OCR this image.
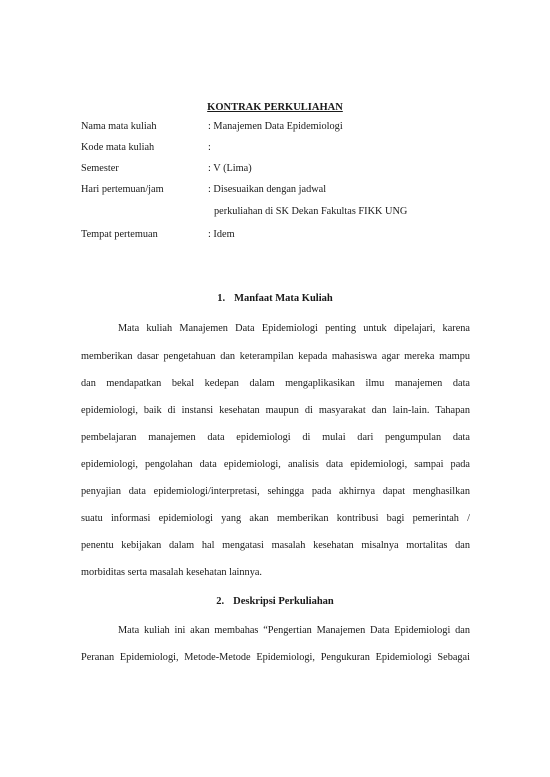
KONTRAK PERKULIAHAN
Nama mata kuliah	: Manajemen Data Epidemiologi
Kode mata kuliah	:
Semester	: V (Lima)
Hari pertemuan/jam	: Disesuaikan dengan jadwal
perkuliahan di SK Dekan Fakultas FIKK UNG
Tempat pertemuan	: Idem
1. Manfaat Mata Kuliah
Mata kuliah Manajemen Data Epidemiologi penting untuk dipelajari, karena
memberikan dasar pengetahuan dan keterampilan kepada mahasiswa agar mereka mampu
dan mendapatkan bekal kedepan dalam mengaplikasikan ilmu manajemen data
epidemiologi, baik di instansi kesehatan maupun di masyarakat dan lain-lain. Tahapan
pembelajaran manajemen data epidemiologi di mulai dari pengumpulan data
epidemiologi, pengolahan data epidemiologi, analisis data epidemiologi, sampai pada
penyajian data epidemiologi/interpretasi, sehingga pada akhirnya dapat menghasilkan
suatu informasi epidemiologi yang akan memberikan kontribusi bagi pemerintah /
penentu kebijakan dalam hal mengatasi masalah kesehatan misalnya mortalitas dan
morbiditas serta masalah kesehatan lainnya.
2. Deskripsi Perkuliahan
Mata kuliah ini akan membahas “Pengertian Manajemen Data Epidemiologi dan
Peranan Epidemiologi, Metode-Metode Epidemiologi, Pengukuran Epidemiologi Sebagai
